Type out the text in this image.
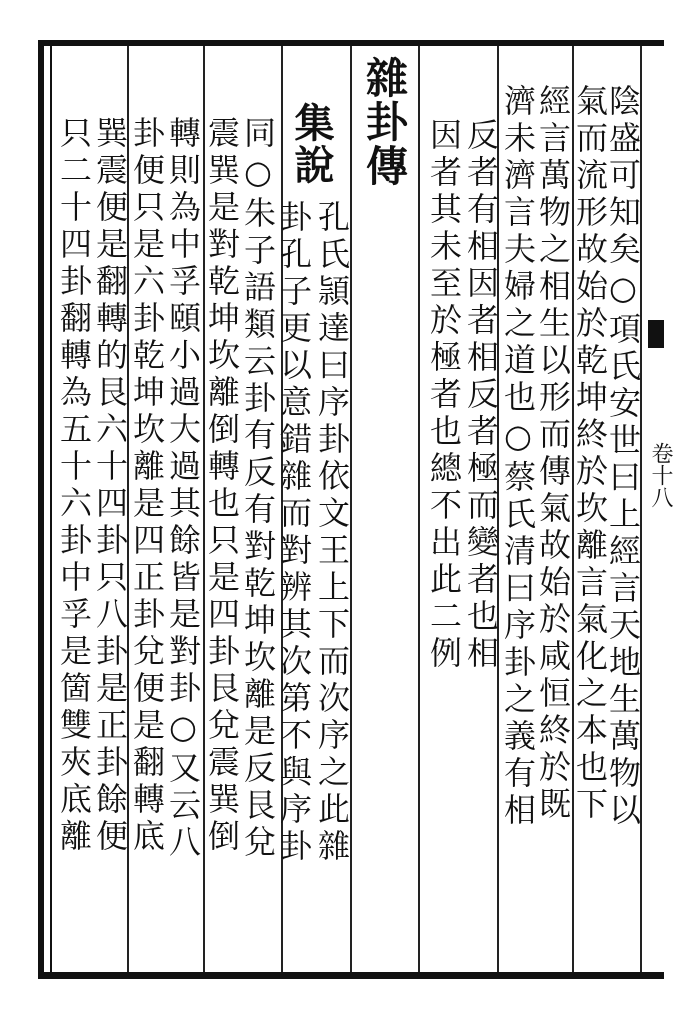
卷十八
陰盛可知矣○項氏安世曰上經言天地生萬物以
氣而流形故始於乾坤終於坎離言氣化之本也下
經言萬物之相生以形而傳氣故始於咸恒終於既
濟未濟言夫婦之道也○蔡氏清曰序卦之義有相
反者有相因者相反者極而變者也相
因者其未至於極者也總不出此二例
雜卦傳
孔氏頴達曰序卦依文王上下而次序之此雜
卦孔子更以意錯雜而對辨其次第不與序卦
集說
同○朱子語類云卦有反有對乾坤坎離是反艮兌
震巽是對乾坤坎離倒轉也只是四卦艮兌震巽倒
轉則為中孚頤小過大過其餘皆是對卦○又云八
卦便只是六卦乾坤坎離是四正卦兌便是翻轉底
巽震便是翻轉的艮六十四卦只八卦是正卦餘便
只二十四卦翻轉為五十六卦中孚是箇雙夾底離
